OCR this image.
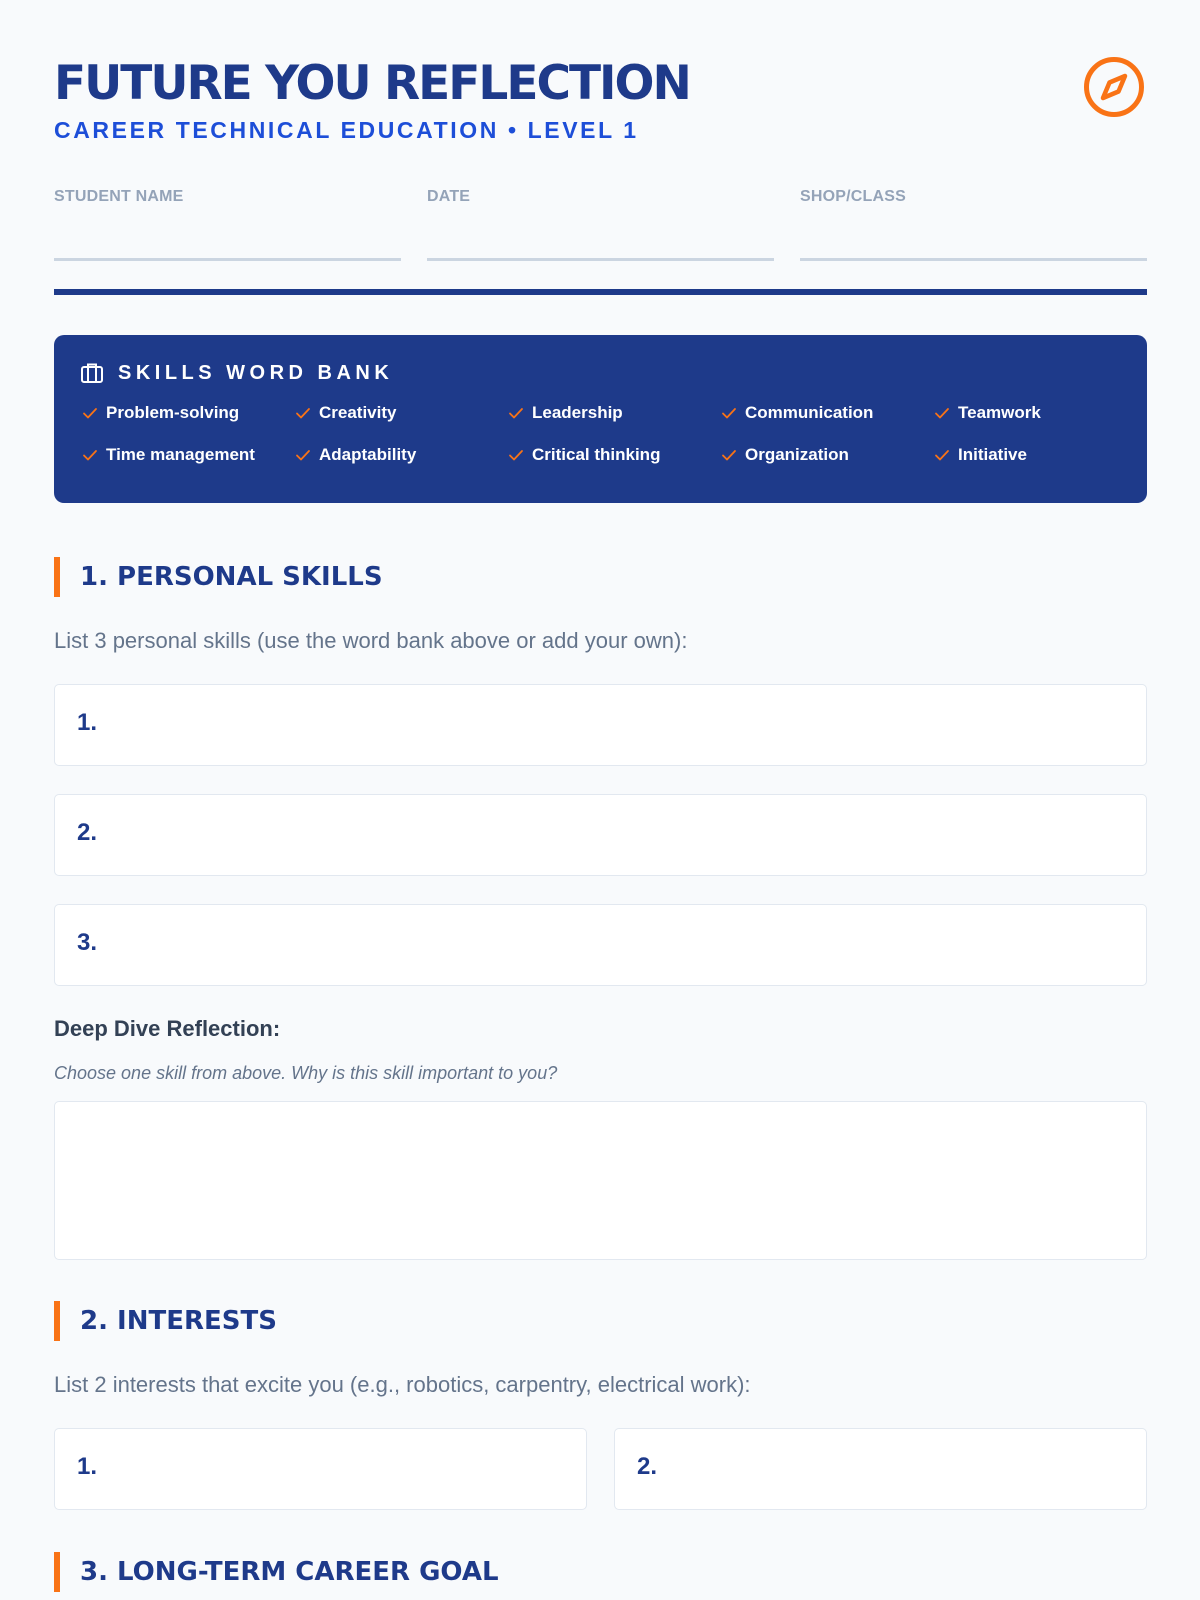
FUTURE YOU REFLECTION
CAREER TECHNICAL EDUCATION • LEVEL 1
STUDENT NAME	DATE	SHOP/CLASS
SKILLS WORD BANK
Problem-solving	Creativity	Leadership	Communication	Teamwork
Time management	Adaptability	Critical thinking	Organization	Initiative
1. PERSONAL SKILLS
List 3 personal skills (use the word bank above or add your own):
1.
2.
3.
Deep Dive Reflection:
Choose one skill from above. Why is this skill important to you?
2. INTERESTS
List 2 interests that excite you (e.g., robotics, carpentry, electrical work):
1.	2.
3. LONG-TERM CAREER GOAL
